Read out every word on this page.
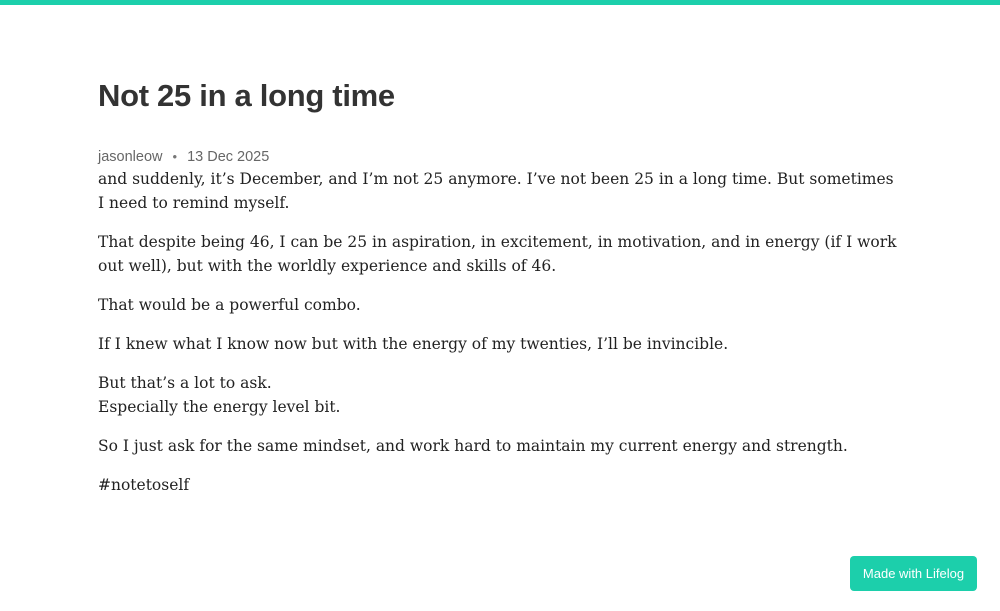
Not 25 in a long time
jasonleow • 13 Dec 2025

and suddenly, it’s December, and I’m not 25 anymore. I’ve not been 25 in a long time. But sometimes I need to remind myself.

That despite being 46, I can be 25 in aspiration, in excitement, in motivation, and in energy (if I work out well), but with the worldly experience and skills of 46.

That would be a powerful combo.

If I knew what I know now but with the energy of my twenties, I’ll be invincible.

But that’s a lot to ask.
Especially the energy level bit.

So I just ask for the same mindset, and work hard to maintain my current energy and strength.

#notetoself

Made with Lifelog
